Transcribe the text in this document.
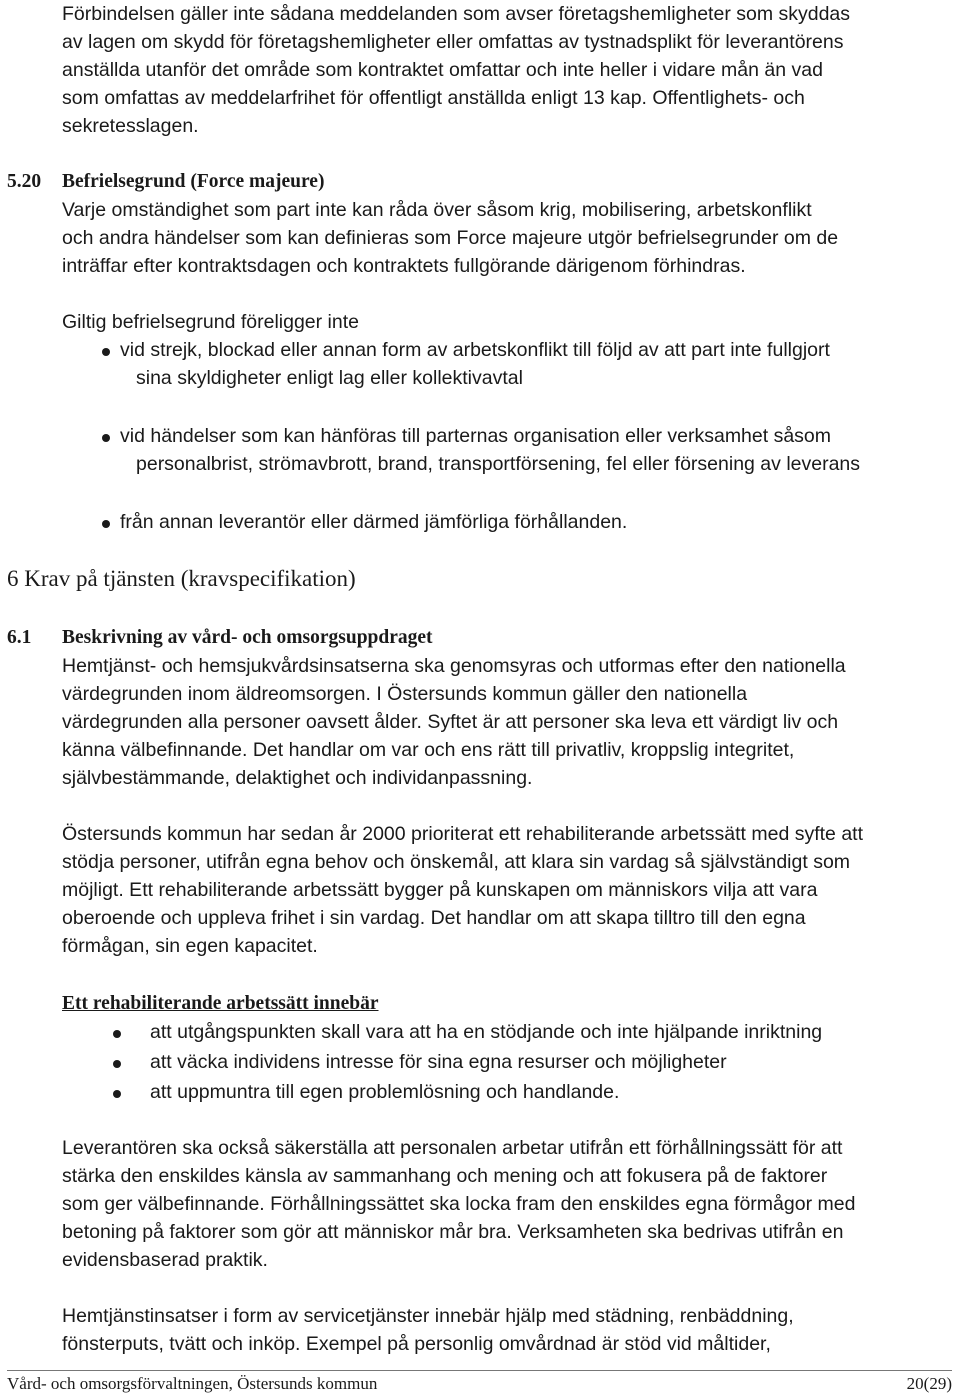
Förbindelsen gäller inte sådana meddelanden som avser företagshemligheter som skyddas

av lagen om skydd för företagshemligheter eller omfattas av tystnadsplikt för leverantörens

anställda utanför det område som kontraktet omfattar och inte heller i vidare mån än vad

som omfattas av meddelarfrihet för offentligt anställda enligt 13 kap. Offentlighets- och

sekretesslagen.

5.20 Befrielsegrund (Force majeure)

Varje omständighet som part inte kan råda över såsom krig, mobilisering, arbetskonflikt

och andra händelser som kan definieras som Force majeure utgör befrielsegrunder om de

inträffar efter kontraktsdagen och kontraktets fullgörande därigenom förhindras.

Giltig befrielsegrund föreligger inte

vid strejk, blockad eller annan form av arbetskonflikt till följd av att part inte fullgjort
sina skyldigheter enligt lag eller kollektivavtal
vid händelser som kan hänföras till parternas organisation eller verksamhet såsom
personalbrist, strömavbrott, brand, transportförsening, fel eller försening av leverans
från annan leverantör eller därmed jämförliga förhållanden.

6 Krav på tjänsten (kravspecifikation)

6.1 Beskrivning av vård- och omsorgsuppdraget

Hemtjänst- och hemsjukvårdsinsatserna ska genomsyras och utformas efter den nationella

värdegrunden inom äldreomsorgen. I Östersunds kommun gäller den nationella

värdegrunden alla personer oavsett ålder. Syftet är att personer ska leva ett värdigt liv och

känna välbefinnande. Det handlar om var och ens rätt till privatliv, kroppslig integritet,

självbestämmande, delaktighet och individanpassning.

Östersunds kommun har sedan år 2000 prioriterat ett rehabiliterande arbetssätt med syfte att

stödja personer, utifrån egna behov och önskemål, att klara sin vardag så självständigt som

möjligt. Ett rehabiliterande arbetssätt bygger på kunskapen om människors vilja att vara

oberoende och uppleva frihet i sin vardag. Det handlar om att skapa tilltro till den egna

förmågan, sin egen kapacitet.

Ett rehabiliterande arbetssätt innebär

att utgångspunkten skall vara att ha en stödjande och inte hjälpande inriktning
att väcka individens intresse för sina egna resurser och möjligheter
att uppmuntra till egen problemlösning och handlande.

Leverantören ska också säkerställa att personalen arbetar utifrån ett förhållningssätt för att

stärka den enskildes känsla av sammanhang och mening och att fokusera på de faktorer

som ger välbefinnande. Förhållningssättet ska locka fram den enskildes egna förmågor med

betoning på faktorer som gör att människor mår bra. Verksamheten ska bedrivas utifrån en

evidensbaserad praktik.

Hemtjänstinsatser i form av servicetjänster innebär hjälp med städning, renbäddning,

fönsterputs, tvätt och inköp. Exempel på personlig omvårdnad är stöd vid måltider,

Vård- och omsorgsförvaltningen, Östersunds kommun	20(29)
